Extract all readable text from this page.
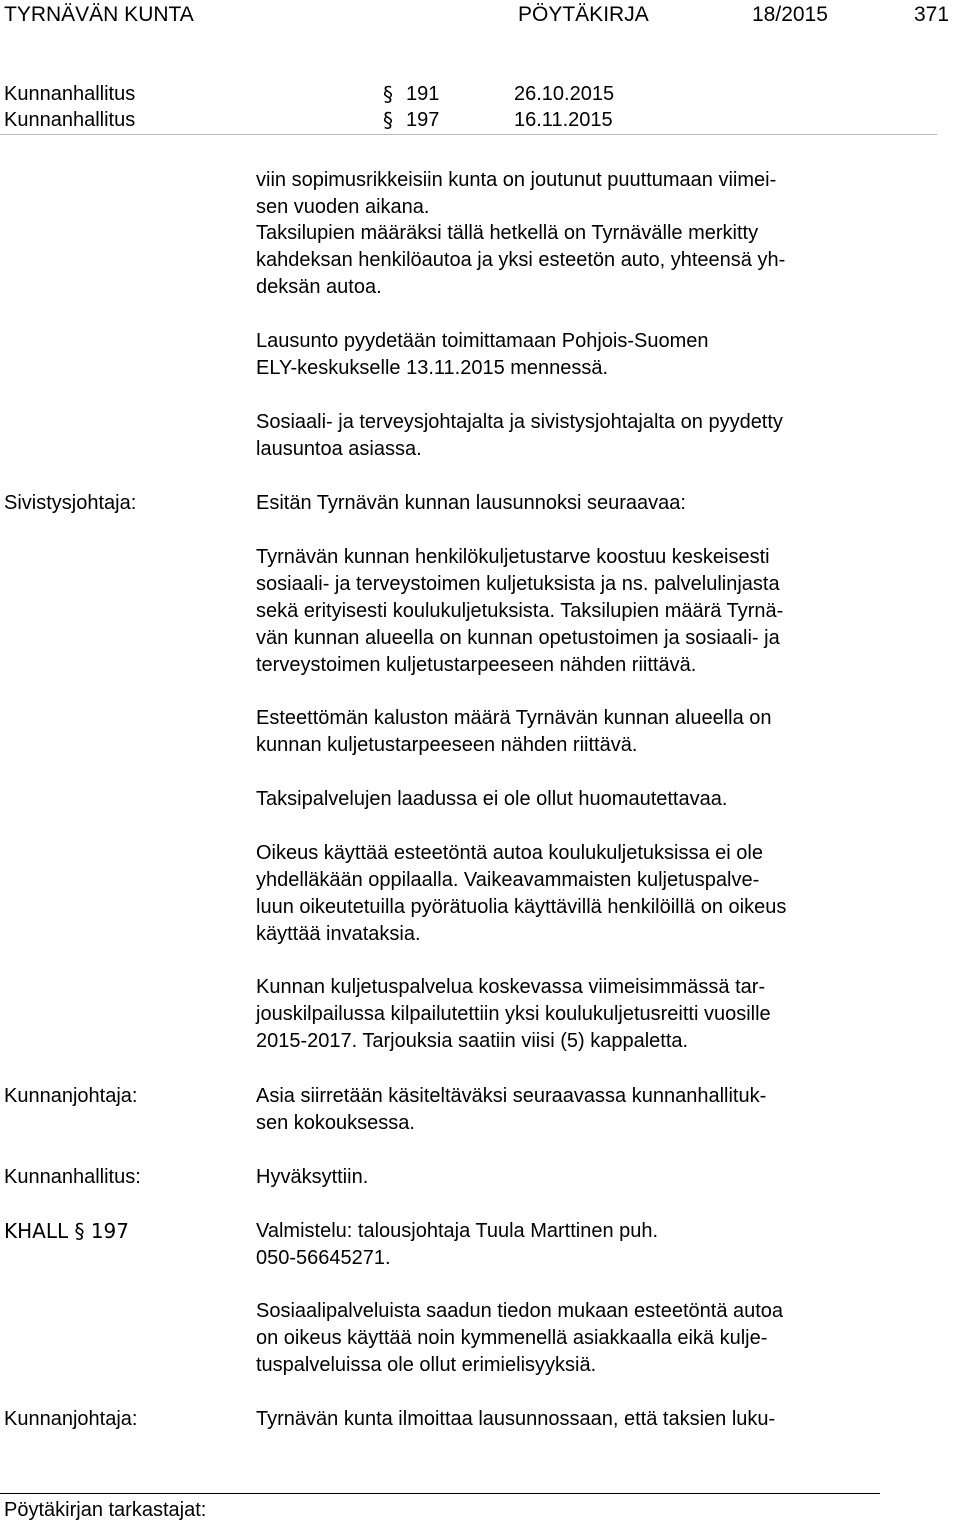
TYRNÄVÄN KUNTA	PÖYTÄKIRJA	18/2015	371
Kunnanhallitus	§ 191	26.10.2015
Kunnanhallitus	§ 197	16.11.2015
viin sopimusrikkeisiin kunta on joutunut puuttumaan viimei-
sen vuoden aikana.
Taksilupien määräksi tällä hetkellä on Tyrnävälle merkitty
kahdeksan henkilöautoa ja yksi esteetön auto, yhteensä yh-
deksän autoa.
Lausunto pyydetään toimittamaan Pohjois-Suomen
ELY-keskukselle 13.11.2015 mennessä.
Sosiaali- ja terveysjohtajalta ja sivistysjohtajalta on pyydetty
lausuntoa asiassa.
Sivistysjohtaja:	Esitän Tyrnävän kunnan lausunnoksi seuraavaa:
Tyrnävän kunnan henkilökuljetustarve koostuu keskeisesti
sosiaali- ja terveystoimen kuljetuksista ja ns. palvelulinjasta
sekä erityisesti koulukuljetuksista. Taksilupien määrä Tyrnä-
vän kunnan alueella on kunnan opetustoimen ja sosiaali- ja
terveystoimen kuljetustarpeeseen nähden riittävä.
Esteettömän kaluston määrä Tyrnävän kunnan alueella on
kunnan kuljetustarpeeseen nähden riittävä.
Taksipalvelujen laadussa ei ole ollut huomautettavaa.
Oikeus käyttää esteetöntä autoa koulukuljetuksissa ei ole
yhdelläkään oppilaalla. Vaikeavammaisten kuljetuspalve-
luun oikeutetuilla pyörätuolia käyttävillä henkilöillä on oikeus
käyttää invataksia.
Kunnan kuljetuspalvelua koskevassa viimeisimmässä tar-
jouskilpailussa kilpailutettiin yksi koulukuljetusreitti vuosille
2015-2017. Tarjouksia saatiin viisi (5) kappaletta.
Kunnanjohtaja:	Asia siirretään käsiteltäväksi seuraavassa kunnanhallituk-
sen kokouksessa.
Kunnanhallitus:	Hyväksyttiin.
KHALL § 197	Valmistelu: talousjohtaja Tuula Marttinen puh.
050-56645271.
Sosiaalipalveluista saadun tiedon mukaan esteetöntä autoa
on oikeus käyttää noin kymmenellä asiakkaalla eikä kulje-
tuspalveluissa ole ollut erimielisyyksiä.
Kunnanjohtaja:	Tyrnävän kunta ilmoittaa lausunnossaan, että taksien luku-
Pöytäkirjan tarkastajat:
